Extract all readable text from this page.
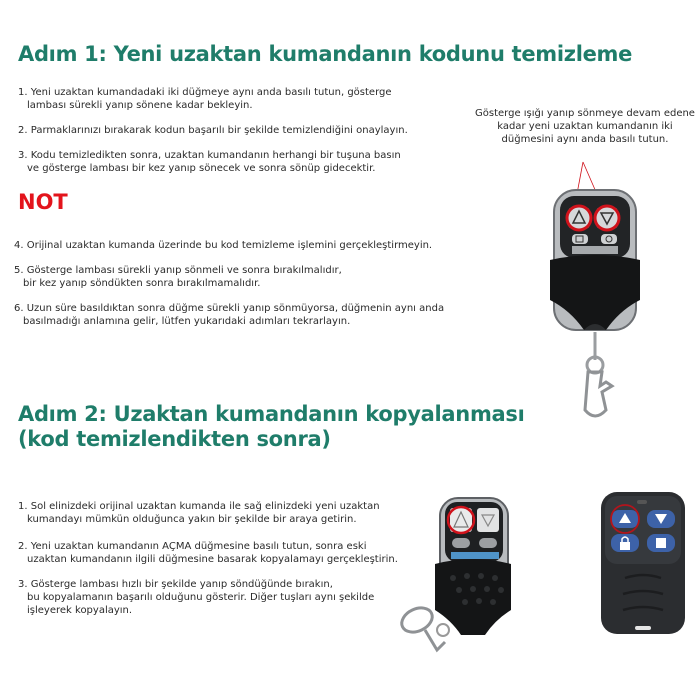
Adım 1: Yeni uzaktan kumandanın kodunu temizleme
1. Yeni uzaktan kumandadaki iki düğmeye aynı anda basılı tutun, gösterge
lambası sürekli yanıp sönene kadar bekleyin.
2. Parmaklarınızı bırakarak kodun başarılı bir şekilde temizlendiğini onaylayın.
3. Kodu temizledikten sonra, uzaktan kumandanın herhangi bir tuşuna basın
ve gösterge lambası bir kez yanıp sönecek ve sonra sönüp gidecektir.
Gösterge ışığı yanıp sönmeye devam edene kadar yeni uzaktan kumandanın iki düğmesini aynı anda basılı tutun.
NOT
4. Orijinal uzaktan kumanda üzerinde bu kod temizleme işlemini gerçekleştirmeyin.
5. Gösterge lambası sürekli yanıp sönmeli ve sonra bırakılmalıdır,
bir kez yanıp söndükten sonra bırakılmamalıdır.
6. Uzun süre basıldıktan sonra düğme sürekli yanıp sönmüyorsa, düğmenin aynı anda
basılmadığı anlamına gelir, lütfen yukarıdaki adımları tekrarlayın.
Adım 2: Uzaktan kumandanın kopyalanması
(kod temizlendikten sonra)
1. Sol elinizdeki orijinal uzaktan kumanda ile sağ elinizdeki yeni uzaktan
kumandayı mümkün olduğunca yakın bir şekilde bir araya getirin.
2. Yeni uzaktan kumandanın AÇMA düğmesine basılı tutun, sonra eski
uzaktan kumandanın ilgili düğmesine basarak kopyalamayı gerçekleştirin.
3. Gösterge lambası hızlı bir şekilde yanıp söndüğünde bırakın,
bu kopyalamanın başarılı olduğunu gösterir. Diğer tuşları aynı şekilde
işleyerek kopyalayın.
